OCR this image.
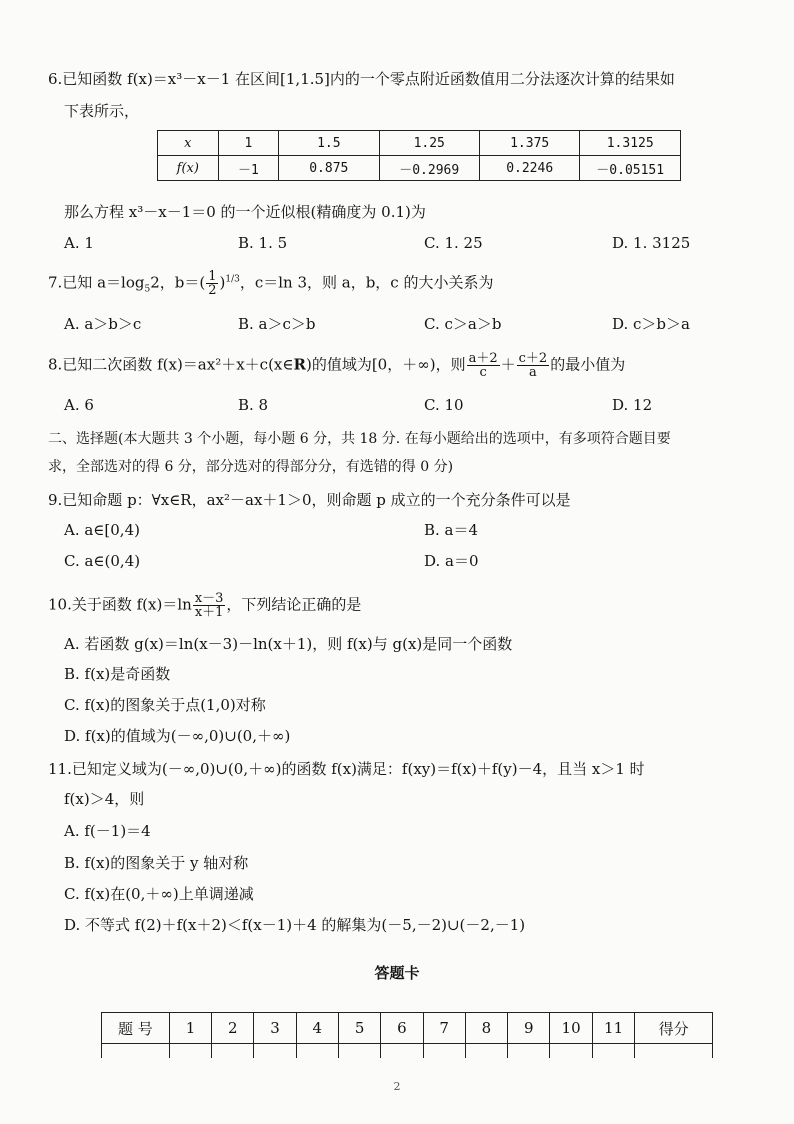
6.已知函数 f(x)＝x³－x－1 在区间[1,1.5]内的一个零点附近函数值用二分法逐次计算的结果如
下表所示，
x	1	1.5	1.25	1.375	1.3125
f(x)	－1	0.875	－0.2969	0.2246	－0.05151
那么方程 x³－x－1＝0 的一个近似根(精确度为 0.1)为
A. 1	B. 1. 5	C. 1. 25	D. 1. 3125
7.已知 $a=\log_52$，$b=( \frac{1}{2} )^{1/3}$，c＝ln 3，则 a，b，c 的大小关系为
A. a＞b＞c	B. a＞c＞b	C. c＞a＞b	D. c＞b＞a
8.已知二次函数 f(x)＝ax²＋x＋c(x∈R)的值域为[0，＋∞)，则 $\frac{a+2}{c} + \frac{c+2}{a}$ 的最小值为
A. 6	B. 8	C. 10	D. 12
二、选择题(本大题共 3 个小题，每小题 6 分，共 18 分. 在每小题给出的选项中，有多项符合题目要
求，全部选对的得 6 分，部分选对的得部分分，有选错的得 0 分)
9.已知命题 p：∀x∈R，ax²－ax＋1＞0，则命题 p 成立的一个充分条件可以是
A. a∈[0,4)	B. a＝4
C. a∈(0,4)	D. a＝0
10.关于函数 $f(x)=\ln \frac{x-3}{x+1}$ ，下列结论正确的是
A. 若函数 g(x)＝ln(x－3)－ln(x＋1)，则 f(x)与 g(x)是同一个函数
B. f(x)是奇函数
C. f(x)的图象关于点(1,0)对称
D. f(x)的值域为(－∞,0)∪(0,＋∞)
11.已知定义域为(－∞,0)∪(0,＋∞)的函数 f(x)满足：f(xy)＝f(x)＋f(y)－4，且当 x＞1 时
f(x)＞4，则
A. f(－1)＝4
B. f(x)的图象关于 y 轴对称
C. f(x)在(0,＋∞)上单调递减
D. 不等式 f(2)＋f(x＋2)＜f(x－1)＋4 的解集为(－5,－2)∪(－2,－1)
答题卡
题 号	1	2	3	4	5	6	7	8	9	10	11	得分

2
